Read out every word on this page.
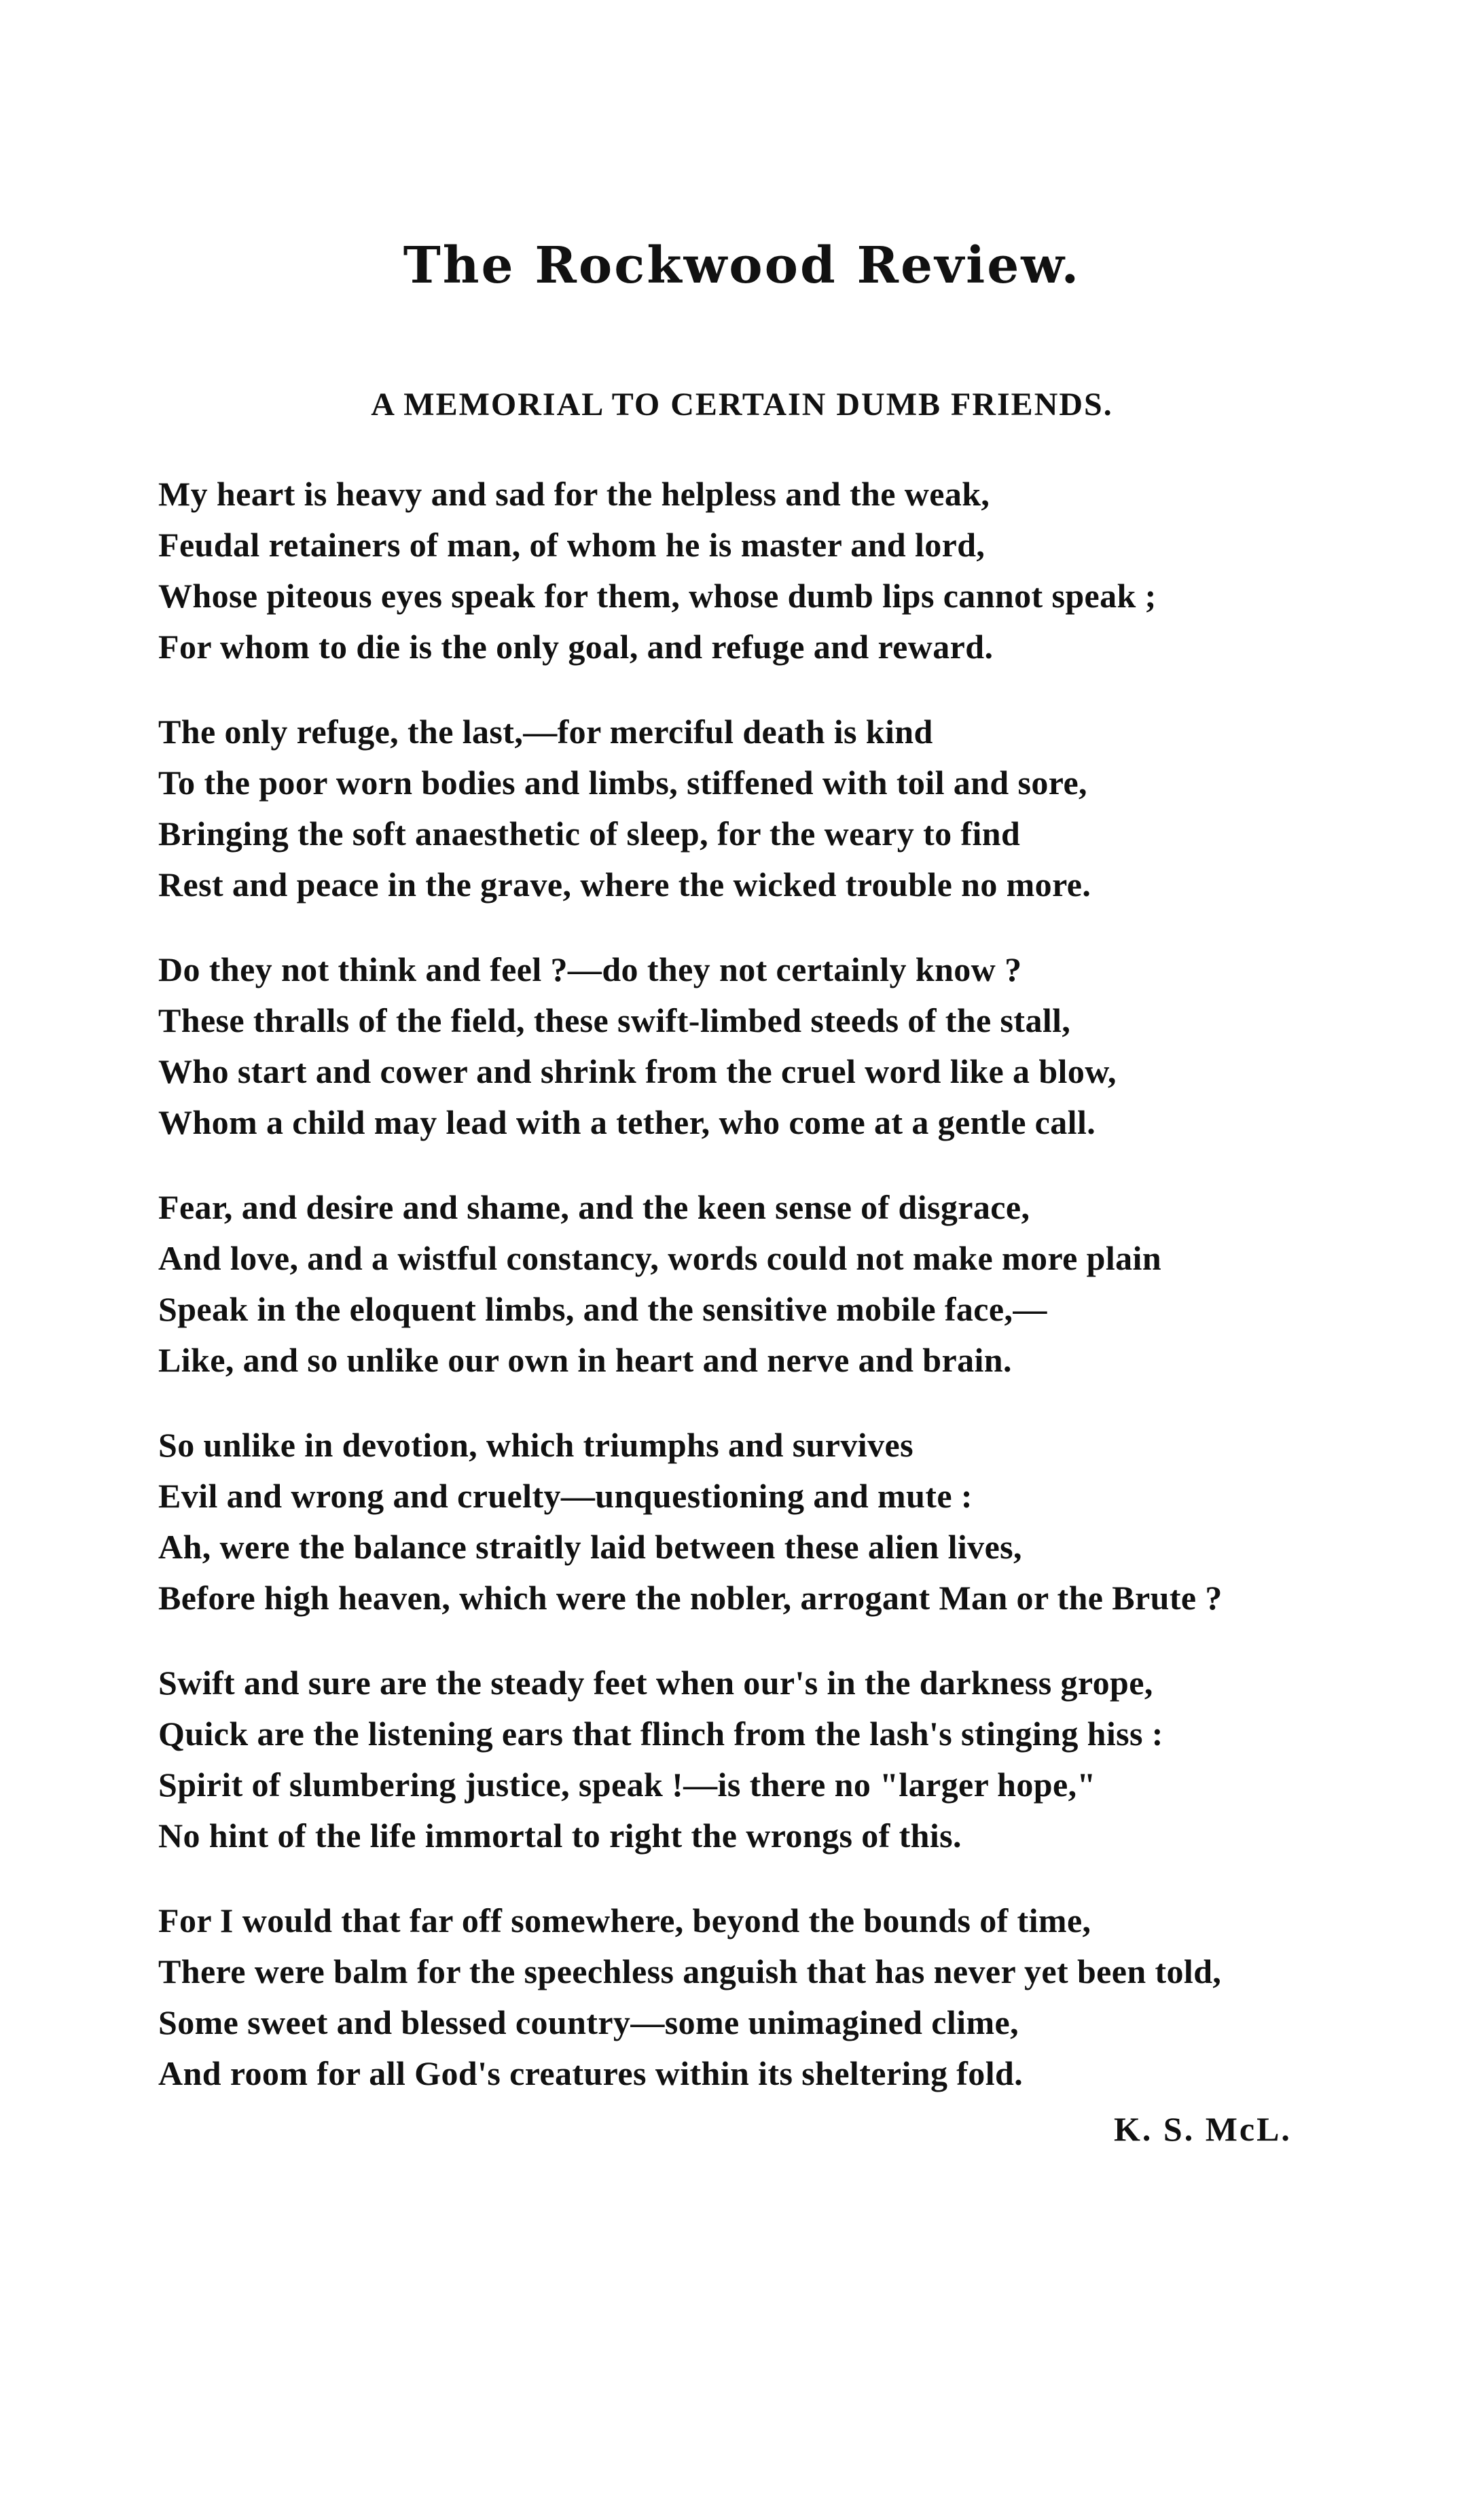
The Rockwood Review.
A MEMORIAL TO CERTAIN DUMB FRIENDS.
My heart is heavy and sad for the helpless and the weak,
Feudal retainers of man, of whom he is master and lord,
Whose piteous eyes speak for them, whose dumb lips cannot speak ;
For whom to die is the only goal, and refuge and reward.
The only refuge, the last,—for merciful death is kind
To the poor worn bodies and limbs, stiffened with toil and sore,
Bringing the soft anaesthetic of sleep, for the weary to find
Rest and peace in the grave, where the wicked trouble no more.
Do they not think and feel ?—do they not certainly know ?
These thralls of the field, these swift-limbed steeds of the stall,
Who start and cower and shrink from the cruel word like a blow,
Whom a child may lead with a tether, who come at a gentle call.
Fear, and desire and shame, and the keen sense of disgrace,
And love, and a wistful constancy, words could not make more plain
Speak in the eloquent limbs, and the sensitive mobile face,—
Like, and so unlike our own in heart and nerve and brain.
So unlike in devotion, which triumphs and survives
Evil and wrong and cruelty—unquestioning and mute :
Ah, were the balance straitly laid between these alien lives,
Before high heaven, which were the nobler, arrogant Man or the Brute ?
Swift and sure are the steady feet when our's in the darkness grope,
Quick are the listening ears that flinch from the lash's stinging hiss :
Spirit of slumbering justice, speak !—is there no "larger hope,"
No hint of the life immortal to right the wrongs of this.
For I would that far off somewhere, beyond the bounds of time,
There were balm for the speechless anguish that has never yet been told,
Some sweet and blessed country—some unimagined clime,
And room for all God's creatures within its sheltering fold.
K. S. McL.
